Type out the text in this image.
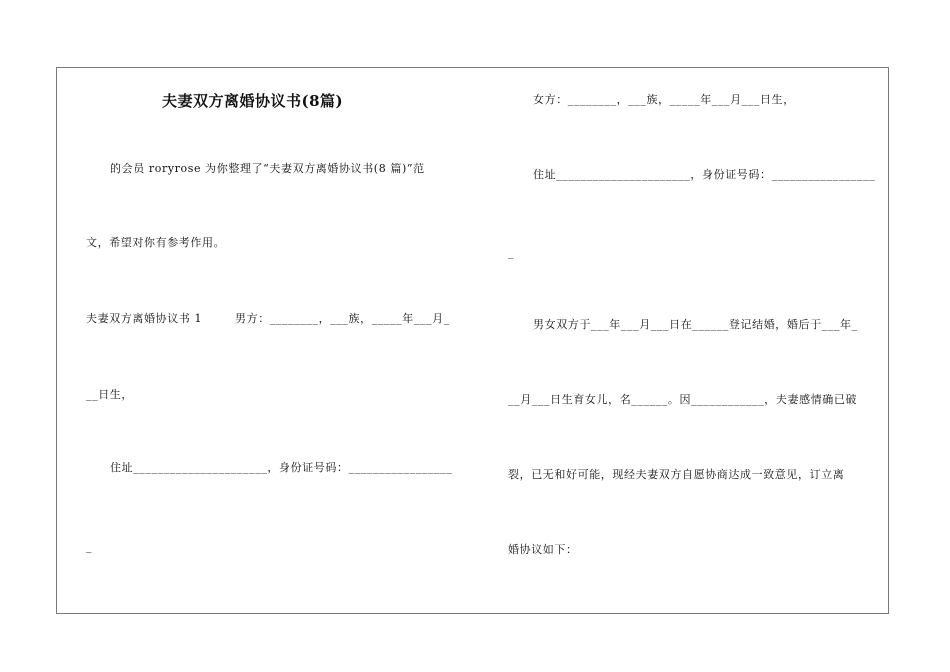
夫妻双方离婚协议书(8篇)
的会员 roryrose 为你整理了“夫妻双方离婚协议书(8 篇)”范
文，希望对你有参考作用。
夫妻双方离婚协议书 1	男方：________，___族，_____年___月_
__日生，
住址______________________，身份证号码：_________________
_
女方：________，___族，_____年___月___日生，
住址______________________，身份证号码：_________________
_
男女双方于___年___月___日在______登记结婚，婚后于___年_
__月___日生育女儿，名______。因____________，夫妻感情确已破
裂，已无和好可能，现经夫妻双方自愿协商达成一致意见，订立离
婚协议如下：
